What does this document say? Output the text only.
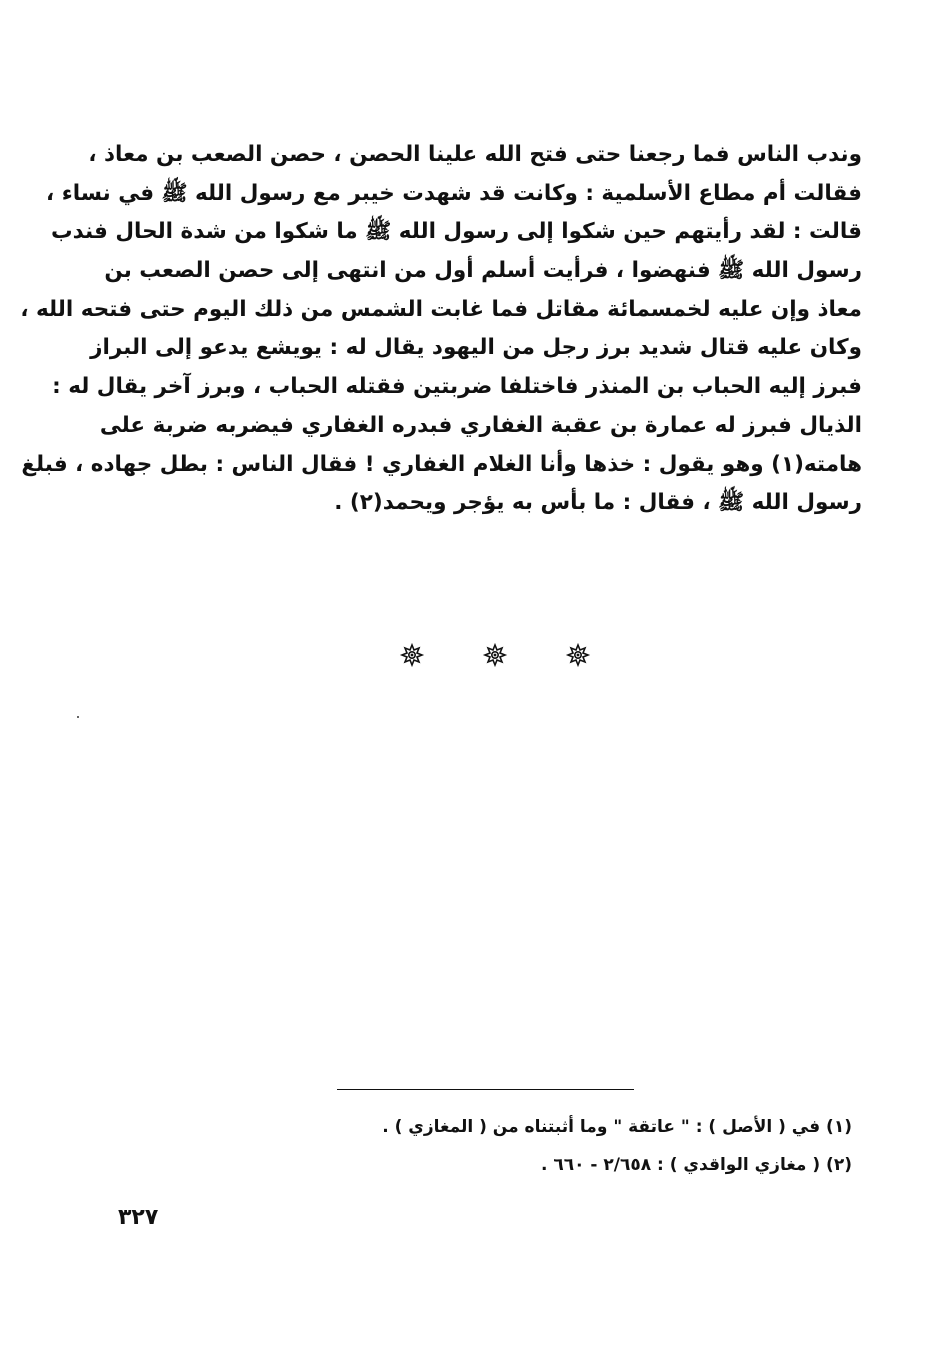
وندب الناس فما رجعنا حتى فتح الله علينا الحصن ، حصن الصعب بن معاذ ،
فقالت أم مطاع الأسلمية : وكانت قد شهدت خيبر مع رسول الله ﷺ في نساء ،
قالت : لقد رأيتهم حين شكوا إلى رسول الله ﷺ ما شكوا من شدة الحال فندب
رسول الله ﷺ فنهضوا ، فرأيت أسلم أول من انتهى إلى حصن الصعب بن
معاذ وإن عليه لخمسمائة مقاتل فما غابت الشمس من ذلك اليوم حتى فتحه الله ،
وكان عليه قتال شديد برز رجل من اليهود يقال له : يويشع يدعو إلى البراز
فبرز إليه الحباب بن المنذر فاختلفا ضربتين فقتله الحباب ، وبرز آخر يقال له :
الذيال فبرز له عمارة بن عقبة الغفاري فبدره الغفاري فيضربه ضربة على
هامته(١) وهو يقول : خذها وأنا الغلام الغفاري ! فقال الناس : بطل جهاده ، فبلغ
رسول الله ﷺ ، فقال : ما بأس به يؤجر ويحمد(٢) .
(١) في ( الأصل ) : " عاتقة " وما أثبتناه من ( المغازي ) .
(٢) ( مغازي الواقدي ) : ٢/٦٥٨ - ٦٦٠ .
٣٢٧
